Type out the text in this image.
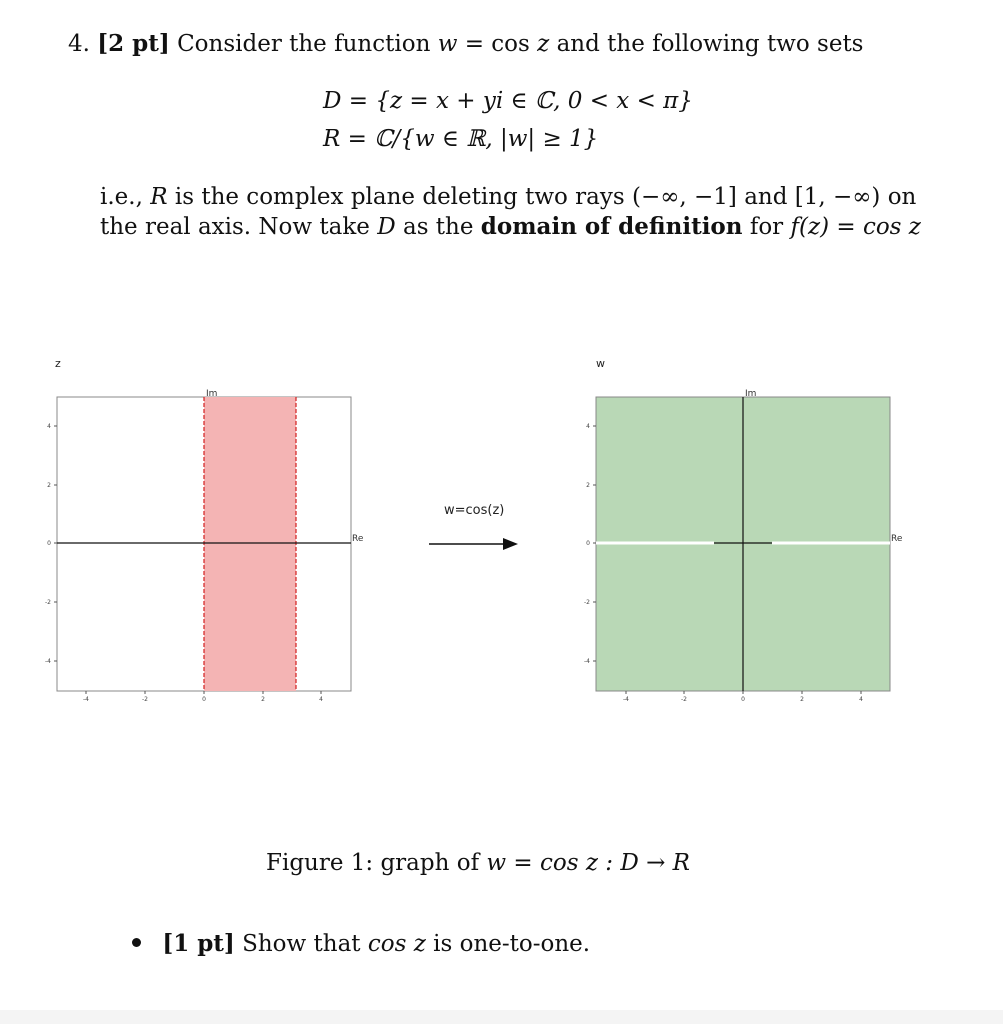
4. [2 pt] Consider the function w = cos z and the following two sets
D = {z = x + yi ∈ ℂ, 0 < x < π}
R = ℂ/{w ∈ ℝ, |w| ≥ 1}
i.e., R is the complex plane deleting two rays (−∞, −1] and [1, −∞) on
the real axis. Now take D as the domain of definition for f(z) = cos z
z	w
w=cos(z)
Im
Re
-4	-2	0	2	4
4
2
0
-2
-4
Im
Re
-4	-2	0	2	4
4
2
0
-2
-4
Figure 1: graph of w = cos z : D → R
[1 pt] Show that cos z is one-to-one.
